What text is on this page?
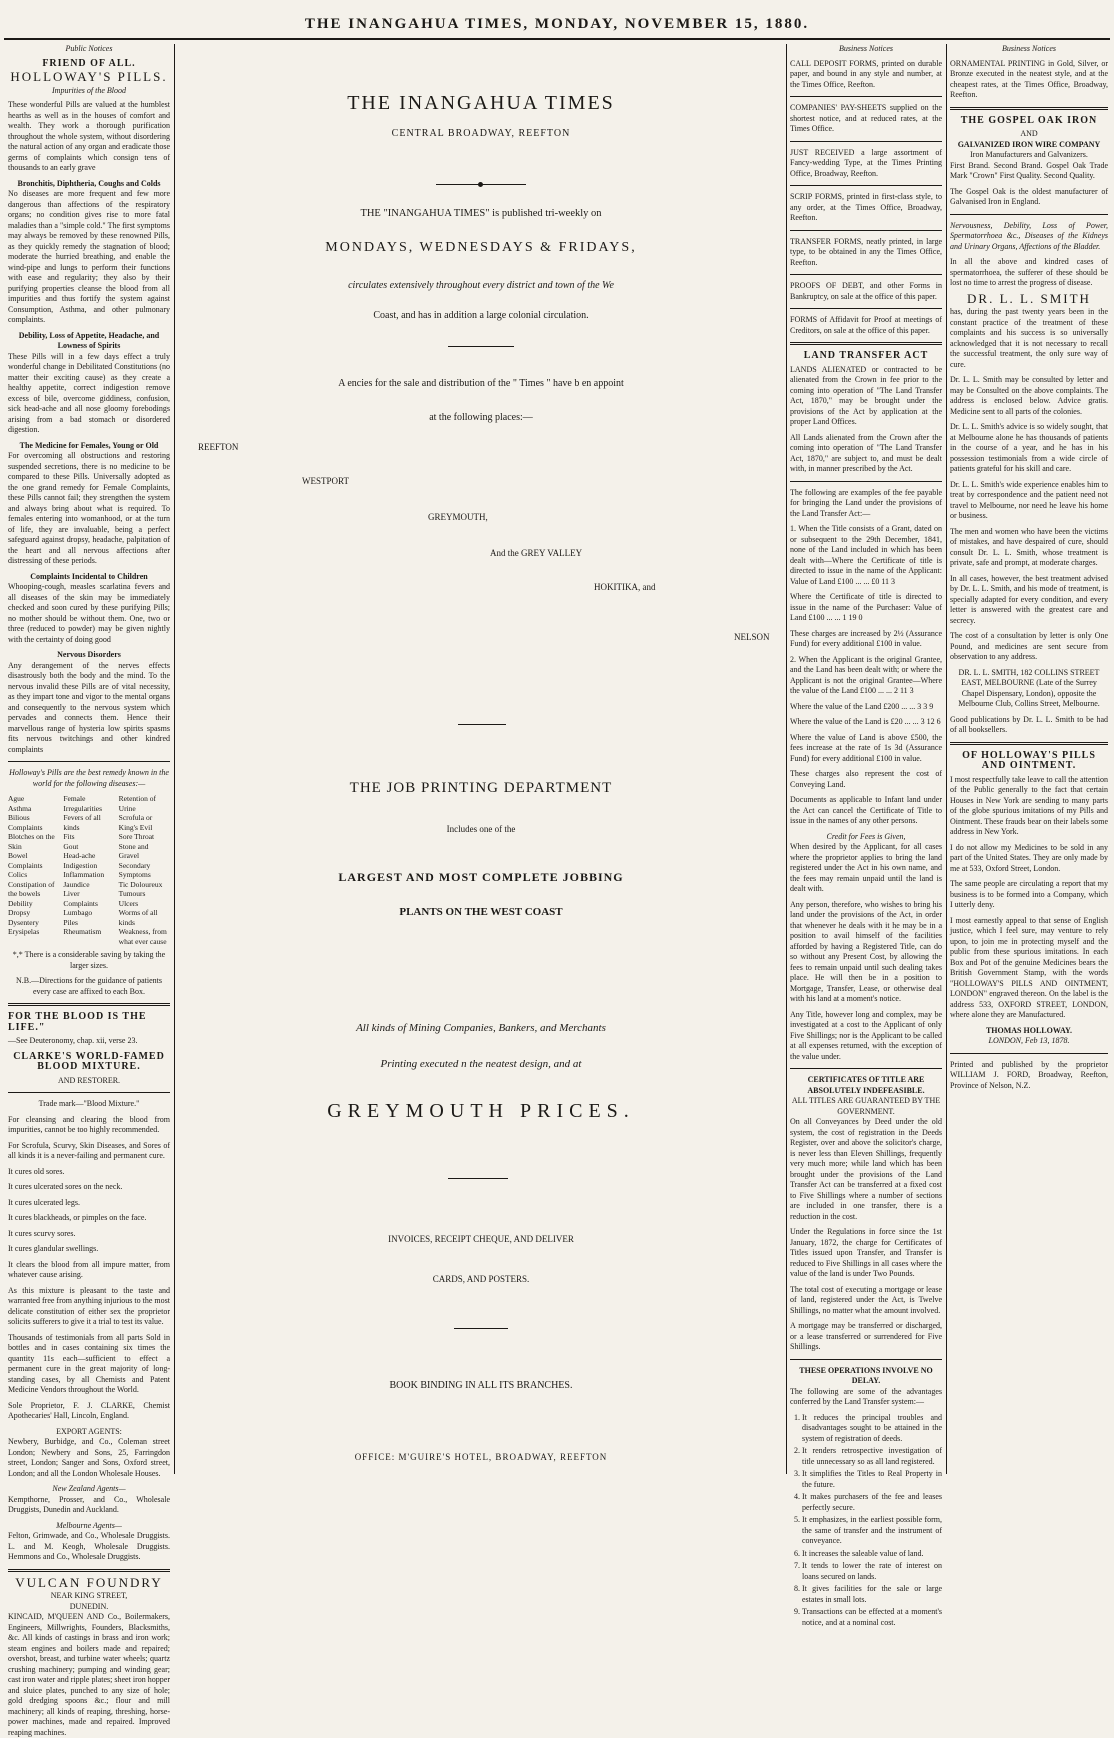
THE INANGAHUA TIMES, MONDAY, NOVEMBER 15, 1880.
Public Notices
FRIEND OF ALL.
HOLLOWAY'S PILLS.
Impurities of the Blood

These wonderful Pills are valued at the humblest hearths as well as in the houses of comfort and wealth. They work a thorough purification throughout the whole system, without disordering the natural action of any organ and eradicate those germs of complaints which consign tens of thousands to an early grave

Bronchitis, Diphtheria, Coughs and Colds

No diseases are more frequent and few more dangerous than affections of the respiratory organs; no condition gives rise to more fatal maladies than a "simple cold." The first symptoms may always be removed by these renowned Pills, as they quickly remedy the stagnation of blood; moderate the hurried breathing, and enable the wind-pipe and lungs to perform their functions with ease and regularity; they also by their purifying properties cleanse the blood from all impurities and thus fortify the system against Consumption, Asthma, and other pulmonary complaints.

Debility, Loss of Appetite, Headache, and Lowness of Spirits

These Pills will in a few days effect a truly wonderful change in Debilitated Constitutions (no matter their exciting cause) as they create a healthy appetite, correct indigestion remove excess of bile, overcome giddiness, confusion, sick head-ache and all nose gloomy forebodings arising from a bad stomach or disordered digestion.

The Medicine for Females, Young or Old

For overcoming all obstructions and restoring suspended secretions, there is no medicine to be compared to these Pills. Universally adopted as the one grand remedy for Female Complaints, these Pills cannot fail; they strengthen the system and always bring about what is required. To females entering into womanhood, or at the turn of life, they are invaluable, being a perfect safeguard against dropsy, headache, palpitation of the heart and all nervous affections after distressing of these periods.

Complaints Incidental to Children

Whooping-cough, measles scarlatina fevers and all diseases of the skin may be immediately checked and soon cured by these purifying Pills; no mother should be without them. One, two or three (reduced to powder) may be given nightly with the certainty of doing good

Nervous Disorders

Any derangement of the nerves effects disastrously both the body and the mind. To the nervous invalid these Pills are of vital necessity, as they impart tone and vigor to the mental organs and consequently to the nervous system which pervades and connects them. Hence their marvellous range of hysteria low spirits spasms fits nervous twitchings and other kindred complaints

Holloway's Pills are the best remedy known in the world for the following diseases:—

Ague
Asthma
Bilious Complaints
Blotches on the Skin
Bowel Complaints
Colics
Constipation of the bowels
Debility
Dropsy
Dysentery
Erysipelas
Female Irregularities
Fevers of all kinds
Fits
Gout
Head-ache
Indigestion
Inflammation
Jaundice
Liver Complaints
Lumbago
Piles
Rheumatism
Retention of Urine
Scrofula or King's Evil
Sore Throat
Stone and Gravel
Secondary Symptoms
Tic Doloureux
Tumours
Ulcers
Worms of all kinds
Weakness, from what ever cause

*,* There is a considerable saving by taking the larger sizes.

N.B.—Directions for the guidance of patients every case are affixed to each Box.

FOR THE BLOOD IS THE LIFE."

—See Deuteronomy, chap. xii, verse 23.

CLARKE'S WORLD-FAMED BLOOD MIXTURE.
AND RESTORER.

Trade mark—"Blood Mixture."

For cleansing and clearing the blood from impurities, cannot be too highly recommended.

For Scrofula, Scurvy, Skin Diseases, and Sores of all kinds it is a never-failing and permanent cure.

It cures old sores.

It cures ulcerated sores on the neck.

It cures ulcerated legs.

It cures blackheads, or pimples on the face.

It cures scurvy sores.

It cures glandular swellings.

It clears the blood from all impure matter, from whatever cause arising.

As this mixture is pleasant to the taste and warranted free from anything injurious to the most delicate constitution of either sex the proprietor solicits sufferers to give it a trial to test its value.

Thousands of testimonials from all parts Sold in bottles and in cases containing six times the quantity 11s each—sufficient to effect a permanent cure in the great majority of long-standing cases, by all Chemists and Patent Medicine Vendors throughout the World.

Sole Proprietor, F. J. CLARKE, Chemist Apothecaries' Hall, Lincoln, England.

EXPORT AGENTS:

Newbery, Burbidge, and Co., Coleman street London; Newbery and Sons, 25, Farringdon street, London; Sanger and Sons, Oxford street, London; and all the London Wholesale Houses.

New Zealand Agents—

Kempthorne, Prosser, and Co., Wholesale Druggists, Dunedin and Auckland.

Melbourne Agents—

Felton, Grimwade, and Co., Wholesale Druggists. L. and M. Keogh, Wholesale Druggists. Hemmons and Co., Wholesale Druggists.

VULCAN FOUNDRY
NEAR KING STREET,
DUNEDIN.

KINCAID, M'QUEEN AND Co., Boilermakers, Engineers, Millwrights, Founders, Blacksmiths, &c. All kinds of castings in brass and iron work; steam engines and boilers made and repaired; overshot, breast, and turbine water wheels; quartz crushing machinery; pumping and winding gear; cast iron water and ripple plates; sheet iron hopper and sluice plates, punched to any size of hole; gold dredging spoons &c.; flour and mill machinery; all kinds of reaping, threshing, horse-power machines, made and repaired. Improved reaping machines.

THE INANGAHUA TIMES
CENTRAL BROADWAY, REEFTON
THE "INANGAHUA TIMES" is published tri-weekly on
MONDAYS, WEDNESDAYS & FRIDAYS,
circulates extensively throughout every district and town of the We
Coast, and has in addition a large colonial circulation.
A encies for the sale and distribution of the " Times " have b en appoint
at the following places:—
REEFTON
WESTPORT
GREYMOUTH,
And the GREY VALLEY
HOKITIKA, and
NELSON
THE JOB PRINTING DEPARTMENT
Includes one of the
LARGEST AND MOST COMPLETE JOBBING
PLANTS ON THE WEST COAST
All kinds of Mining Companies, Bankers, and Merchants
Printing executed n the neatest design, and at
GREYMOUTH PRICES.
INVOICES, RECEIPT CHEQUE, AND DELIVER
CARDS, AND POSTERS.
BOOK BINDING IN ALL ITS BRANCHES.
OFFICE: M'GUIRE'S HOTEL, BROADWAY, REEFTON
Business Notices

CALL DEPOSIT FORMS, printed on durable paper, and bound in any style and number, at the Times Office, Reefton.

COMPANIES' PAY-SHEETS supplied on the shortest notice, and at reduced rates, at the Times Office.

JUST RECEIVED a large assortment of Fancy-wedding Type, at the Times Printing Office, Broadway, Reefton.

SCRIP FORMS, printed in first-class style, to any order, at the Times Office, Broadway, Reefton.

TRANSFER FORMS, neatly printed, in large type, to be obtained in any the Times Office, Reefton.

PROOFS OF DEBT, and other Forms in Bankruptcy, on sale at the office of this paper.

FORMS of Affidavit for Proof at meetings of Creditors, on sale at the office of this paper.

LAND TRANSFER ACT

LANDS ALIENATED or contracted to be alienated from the Crown in fee prior to the coming into operation of "The Land Transfer Act, 1870," may be brought under the provisions of the Act by application at the proper Land Offices.

All Lands alienated from the Crown after the coming into operation of "The Land Transfer Act, 1870," are subject to, and must be dealt with, in manner prescribed by the Act.

The following are examples of the fee payable for bringing the Land under the provisions of the Land Transfer Act:—

1. When the Title consists of a Grant, dated on or subsequent to the 29th December, 1841, none of the Land included in which has been dealt with—Where the Certificate of title is directed to issue in the name of the Applicant: Value of Land £100 ... ... £0 11 3

Where the Certificate of title is directed to issue in the name of the Purchaser: Value of Land £100 ... ... 1 19 0

These charges are increased by 2½ (Assurance Fund) for every additional £100 in value.

2. When the Applicant is the original Grantee, and the Land has been dealt with; or where the Applicant is not the original Grantee—Where the value of the Land £100 ... ... 2 11 3

Where the value of the Land £200 ... ... 3 3 9

Where the value of the Land is £20 ... ... 3 12 6

Where the value of Land is above £500, the fees increase at the rate of 1s 3d (Assurance Fund) for every additional £100 in value.

These charges also represent the cost of Conveying Land.

Documents as applicable to Infant land under the Act can cancel the Certificate of Title to issue in the names of any other persons.

Credit for Fees is Given,

When desired by the Applicant, for all cases where the proprietor applies to bring the land registered under the Act in his own name, and the fees may remain unpaid until the land is dealt with.

Any person, therefore, who wishes to bring his land under the provisions of the Act, in order that whenever he deals with it he may be in a position to avail himself of the facilities afforded by having a Registered Title, can do so without any Present Cost, by allowing the fees to remain unpaid until such dealing takes place. He will then be in a position to Mortgage, Transfer, Lease, or otherwise deal with his land at a moment's notice.

Any Title, however long and complex, may be investigated at a cost to the Applicant of only Five Shillings; nor is the Applicant to be called at all expenses returned, with the exception of the value under.

CERTIFICATES OF TITLE ARE ABSOLUTELY INDEFEASIBLE.
ALL TITLES ARE GUARANTEED BY THE GOVERNMENT.

On all Conveyances by Deed under the old system, the cost of registration in the Deeds Register, over and above the solicitor's charge, is never less than Eleven Shillings, frequently very much more; while land which has been brought under the provisions of the Land Transfer Act can be transferred at a fixed cost to Five Shillings where a number of sections are included in one transfer, there is a reduction in the cost.

Under the Regulations in force since the 1st January, 1872, the charge for Certificates of Titles issued upon Transfer, and Transfer is reduced to Five Shillings in all cases where the value of the land is under Two Pounds.

The total cost of executing a mortgage or lease of land, registered under the Act, is Twelve Shillings, no matter what the amount involved.

A mortgage may be transferred or discharged, or a lease transferred or surrendered for Five Shillings.

THESE OPERATIONS INVOLVE NO DELAY.

The following are some of the advantages conferred by the Land Transfer system:—

1. It reduces the principal troubles and disadvantages sought to be attained in the system of registration of deeds.
2. It renders retrospective investigation of title unnecessary so as all land registered.
3. It simplifies the Titles to Real Property in the future.
4. It makes purchasers of the fee and leases perfectly secure.
5. It emphasizes, in the earliest possible form, the same of transfer and the instrument of conveyance.
6. It increases the saleable value of land.
7. It tends to lower the rate of interest on loans secured on lands.
8. It gives facilities for the sale or large estates in small lots.
9. Transactions can be effected at a moment's notice, and at a nominal cost.
Business Notices

ORNAMENTAL PRINTING in Gold, Silver, or Bronze executed in the neatest style, and at the cheapest rates, at the Times Office, Broadway, Reefton.

THE GOSPEL OAK IRON
AND
GALVANIZED IRON WIRE COMPANY
Iron Manufacturers and Galvanizers.

First Brand. Second Brand. Gospel Oak Trade Mark "Crown" First Quality. Second Quality.

The Gospel Oak is the oldest manufacturer of Galvanised Iron in England.

Nervousness, Debility, Loss of Power, Spermatorrhoea &c., Diseases of the Kidneys and Urinary Organs, Affections of the Bladder.

In all the above and kindred cases of spermatorrhoea, the sufferer of these should be lost no time to arrest the progress of disease.

DR. L. L. SMITH

has, during the past twenty years been in the constant practice of the treatment of these complaints and his success is so universally acknowledged that it is not necessary to recall the successful treatment, the only sure way of cure.

Dr. L. L. Smith may be consulted by letter and may be Consulted on the above complaints. The address is enclosed below. Advice gratis. Medicine sent to all parts of the colonies.

Dr. L. L. Smith's advice is so widely sought, that at Melbourne alone he has thousands of patients in the course of a year, and he has in his possession testimonials from a wide circle of patients grateful for his skill and care.

Dr. L. L. Smith's wide experience enables him to treat by correspondence and the patient need not travel to Melbourne, nor need he leave his home or business.

The men and women who have been the victims of mistakes, and have despaired of cure, should consult Dr. L. L. Smith, whose treatment is private, safe and prompt, at moderate charges.

In all cases, however, the best treatment advised by Dr. L. L. Smith, and his mode of treatment, is specially adapted for every condition, and every letter is answered with the greatest care and secrecy.

The cost of a consultation by letter is only One Pound, and medicines are sent secure from observation to any address.

DR. L. L. SMITH, 182 COLLINS STREET EAST, MELBOURNE (Late of the Surrey Chapel Dispensary, London), opposite the Melbourne Club, Collins Street, Melbourne.

Good publications by Dr. L. L. Smith to be had of all booksellers.

OF HOLLOWAY'S PILLS AND OINTMENT.

I most respectfully take leave to call the attention of the Public generally to the fact that certain Houses in New York are sending to many parts of the globe spurious imitations of my Pills and Ointment. These frauds bear on their labels some address in New York.

I do not allow my Medicines to be sold in any part of the United States. They are only made by me at 533, Oxford Street, London.

The same people are circulating a report that my business is to be formed into a Company, which I utterly deny.

I most earnestly appeal to that sense of English justice, which I feel sure, may venture to rely upon, to join me in protecting myself and the public from these spurious imitations. In each Box and Pot of the genuine Medicines bears the British Government Stamp, with the words "HOLLOWAY'S PILLS AND OINTMENT, LONDON" engraved thereon. On the label is the address 533, OXFORD STREET, LONDON, where alone they are Manufactured.

THOMAS HOLLOWAY.
LONDON, Feb 13, 1878.

Printed and published by the proprietor WILLIAM J. FORD, Broadway, Reefton, Province of Nelson, N.Z.
